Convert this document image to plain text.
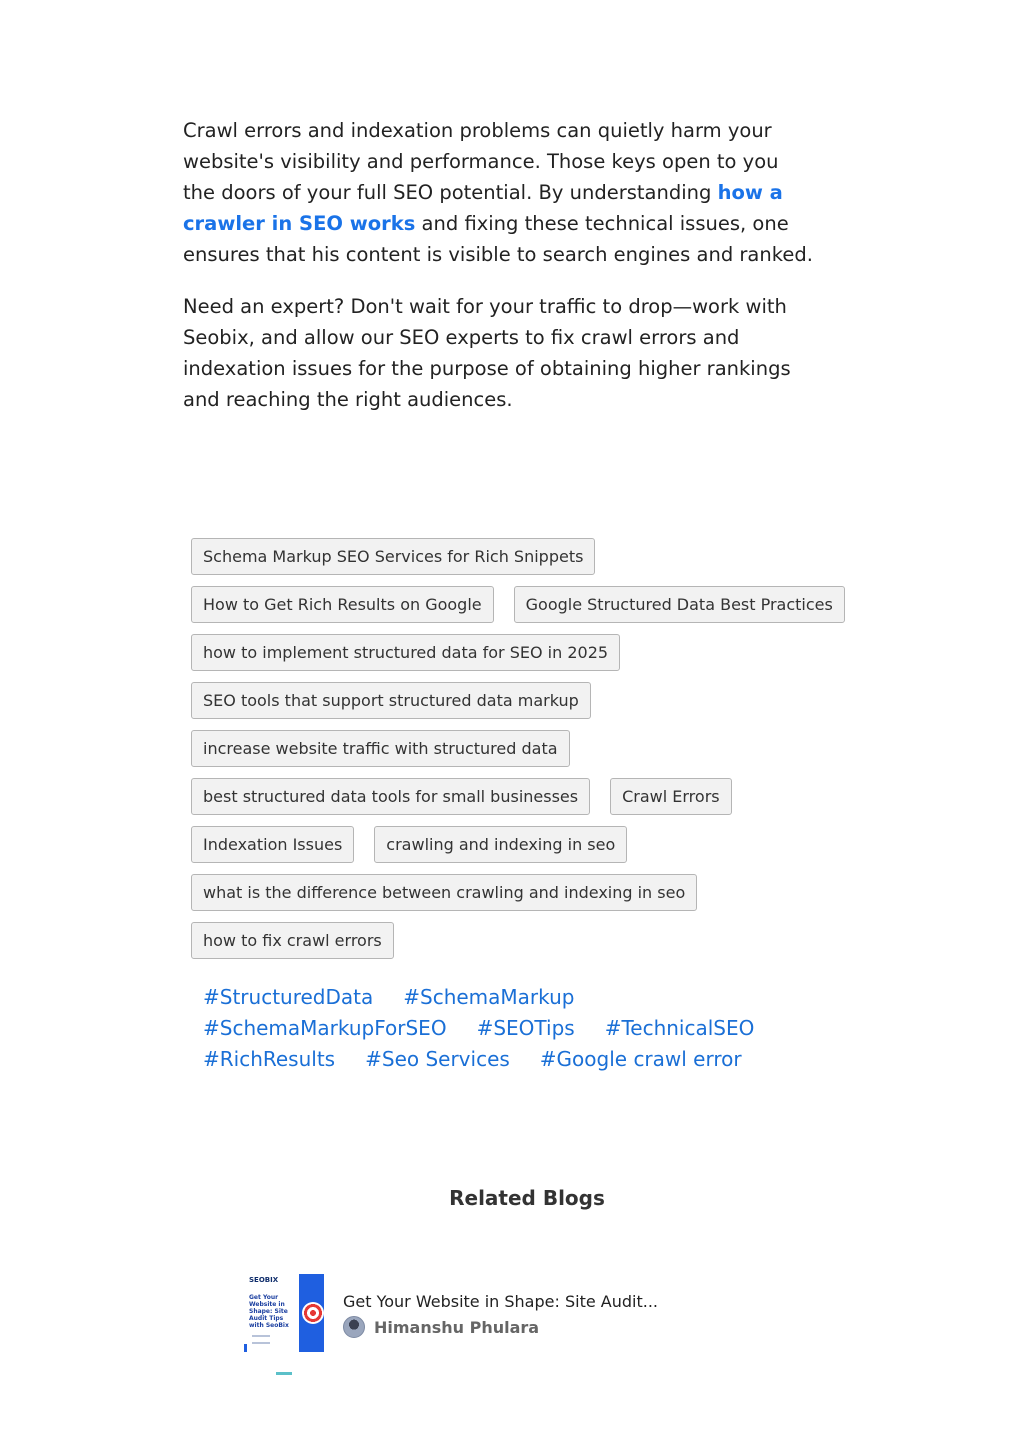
Crawl errors and indexation problems can quietly harm your website's visibility and performance. Those keys open to you the doors of your full SEO potential. By understanding how a crawler in SEO works and fixing these technical issues, one ensures that his content is visible to search engines and ranked.

Need an expert? Don't wait for your traffic to drop—work with Seobix, and allow our SEO experts to fix crawl errors and indexation issues for the purpose of obtaining higher rankings and reaching the right audiences.

Schema Markup SEO Services for Rich Snippets
How to Get Rich Results on Google	Google Structured Data Best Practices
how to implement structured data for SEO in 2025
SEO tools that support structured data markup
increase website traffic with structured data
best structured data tools for small businesses	Crawl Errors
Indexation Issues	crawling and indexing in seo
what is the difference between crawling and indexing in seo
how to fix crawl errors
#StructuredData #SchemaMarkup
#SchemaMarkupForSEO #SEOTips #TechnicalSEO
#RichResults #Seo Services #Google crawl error
Related Blogs
SEOBIX
Get Your Website in Shape: Site Audit Tips with SeoBix
Get Your Website in Shape: Site Audit...
Himanshu Phulara
